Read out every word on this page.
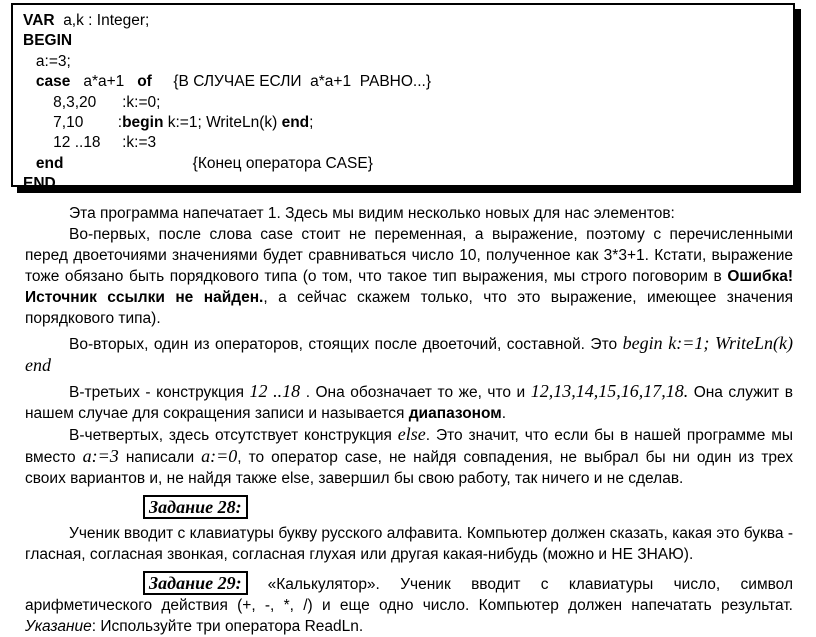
VAR  a,k : Integer;
BEGIN
a:=3;
case   a*a+1   of     {В СЛУЧАЕ ЕСЛИ  a*a+1  РАВНО...}
8,3,20      :k:=0;
7,10        :begin k:=1; WriteLn(k) end;
12 ..18     :k:=3
end                              {Конец оператора CASE}
END.

Эта программа напечатает 1. Здесь мы видим несколько новых для нас элементов:

Во-первых, после слова case стоит не переменная, а выражение, поэтому с перечисленными перед двоеточиями значениями будет сравниваться число 10, полученное как 3*3+1. Кстати, выражение тоже обязано быть порядкового типа (о том, что такое тип выражения, мы строго поговорим в Ошибка! Источник ссылки не найден., а сейчас скажем только, что это выражение, имеющее значения порядкового типа).

Во-вторых, один из операторов, стоящих после двоеточий, составной. Это begin k:=1; WriteLn(k) end

В-третьих - конструкция 12 ..18 . Она обозначает то же, что и 12,13,14,15,16,17,18. Она служит в нашем случае для сокращения записи и называется диапазоном.

В-четвертых, здесь отсутствует конструкция else. Это значит, что если бы в нашей программе мы вместо a:=3 написали a:=0, то оператор case, не найдя совпадения, не выбрал бы ни один из трех своих вариантов и, не найдя также else, завершил бы свою работу, так ничего и не сделав.

Задание 28:

Ученик вводит с клавиатуры букву русского алфавита. Компьютер должен сказать, какая это буква - гласная, согласная звонкая, согласная глухая или другая какая-нибудь (можно и НЕ ЗНАЮ).

Задание 29:«Калькулятор». Ученик вводит с клавиатуры число, символ арифметического действия (+, -, *, /) и еще одно число. Компьютер должен напечатать результат. Указание: Используйте три оператора ReadLn.
